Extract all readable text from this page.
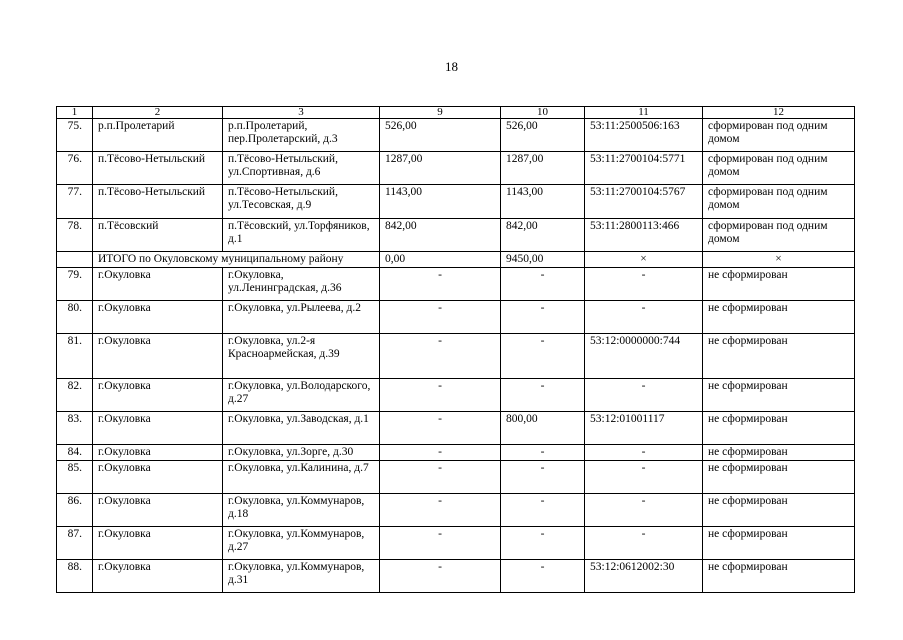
18
1	2	3	9	10	11	12
75.	р.п.Пролетарий	р.п.Пролетарий, пер.Пролетарский, д.3	526,00	526,00	53:11:2500506:163	сформирован под одним домом
76.	п.Тёсово-Нетыльский	п.Тёсово-Нетыльский, ул.Спортивная, д.6	1287,00	1287,00	53:11:2700104:5771	сформирован под одним домом
77.	п.Тёсово-Нетыльский	п.Тёсово-Нетыльский, ул.Тесовская, д.9	1143,00	1143,00	53:11:2700104:5767	сформирован под одним домом
78.	п.Тёсовский	п.Тёсовский, ул.Торфяников, д.1	842,00	842,00	53:11:2800113:466	сформирован под одним домом
	ИТОГО по Окуловскому муниципальному району		0,00	9450,00	×	×
79.	г.Окуловка	г.Окуловка, ул.Ленинградская, д.36	-	-	-	не сформирован
80.	г.Окуловка	г.Окуловка, ул.Рылеева, д.2	-	-	-	не сформирован
81.	г.Окуловка	г.Окуловка, ул.2-я Красноармейская, д.39	-	-	53:12:0000000:744	не сформирован
82.	г.Окуловка	г.Окуловка, ул.Володарского, д.27	-	-	-	не сформирован
83.	г.Окуловка	г.Окуловка, ул.Заводская, д.1	-	800,00	53:12:01001117	не сформирован
84.	г.Окуловка	г.Окуловка, ул.Зорге, д.30	-	-	-	не сформирован
85.	г.Окуловка	г.Окуловка, ул.Калинина, д.7	-	-	-	не сформирован
86.	г.Окуловка	г.Окуловка, ул.Коммунаров, д.18	-	-	-	не сформирован
87.	г.Окуловка	г.Окуловка, ул.Коммунаров, д.27	-	-	-	не сформирован
88.	г.Окуловка	г.Окуловка, ул.Коммунаров, д.31	-	-	53:12:0612002:30	не сформирован
